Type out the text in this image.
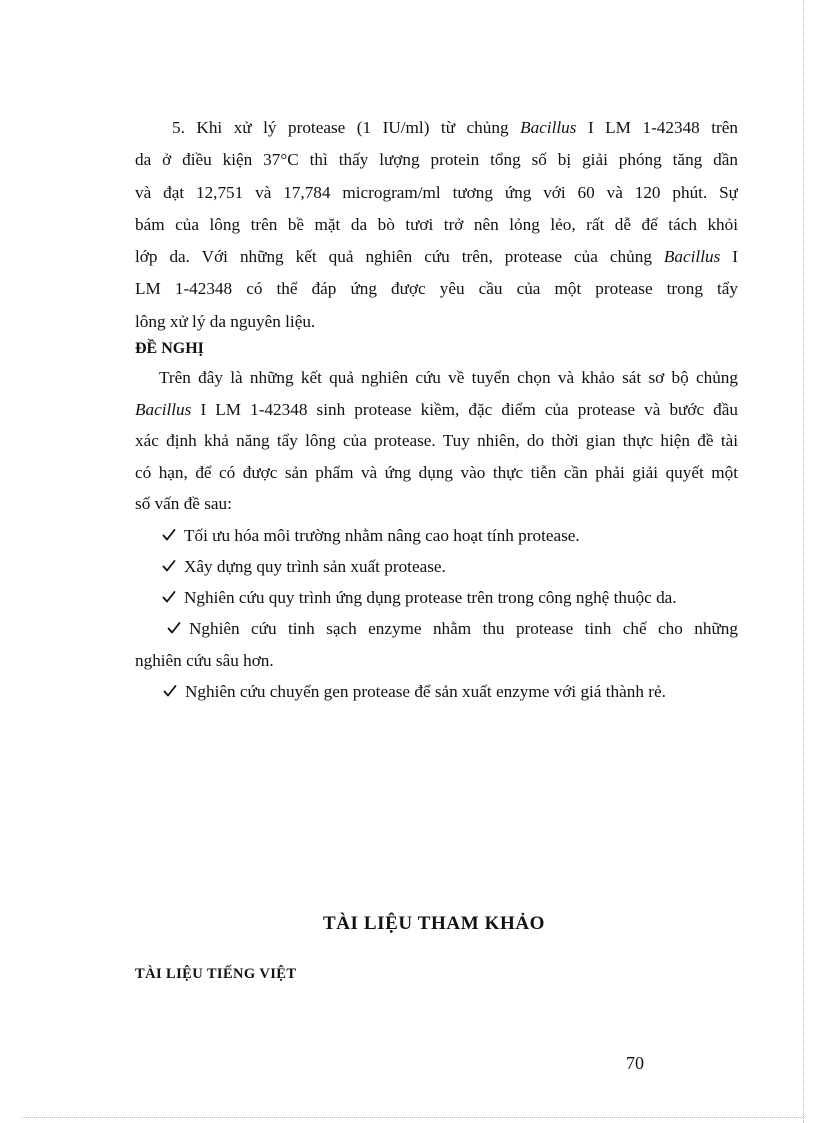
5. Khi xử lý protease (1 IU/ml) từ chủng Bacillus I LM 1-42348 trên
da ở điều kiện 37°C thì thấy lượng protein tổng số bị giải phóng tăng dần
và đạt 12,751 và 17,784 microgram/ml tương ứng với 60 và 120 phút. Sự
bám của lông trên bề mặt da bò tươi trở nên lỏng lẻo, rất dễ để tách khỏi
lớp da. Với những kết quả nghiên cứu trên, protease của chủng Bacillus I
LM 1-42348 có thể đáp ứng được yêu cầu của một protease trong tẩy
lông xử lý da nguyên liệu.
ĐỀ NGHỊ
Trên đây là những kết quả nghiên cứu về tuyển chọn và khảo sát sơ bộ chủng
Bacillus I LM 1-42348 sinh protease kiềm, đặc điểm của protease và bước đầu
xác định khả năng tẩy lông của protease. Tuy nhiên, do thời gian thực hiện đề tài
có hạn, để có được sản phẩm và ứng dụng vào thực tiễn cần phải giải quyết một
số vấn đề sau:
Tối ưu hóa môi trường nhằm nâng cao hoạt tính protease.
Xây dựng quy trình sản xuất protease.
Nghiên cứu quy trình ứng dụng protease trên trong công nghệ thuộc da.
Nghiên cứu tinh sạch enzyme nhằm thu protease tinh chế cho những
nghiên cứu sâu hơn.
Nghiên cứu chuyển gen protease để sản xuất enzyme với giá thành rẻ.
TÀI LIỆU THAM KHẢO
TÀI LIỆU TIẾNG VIỆT
70
